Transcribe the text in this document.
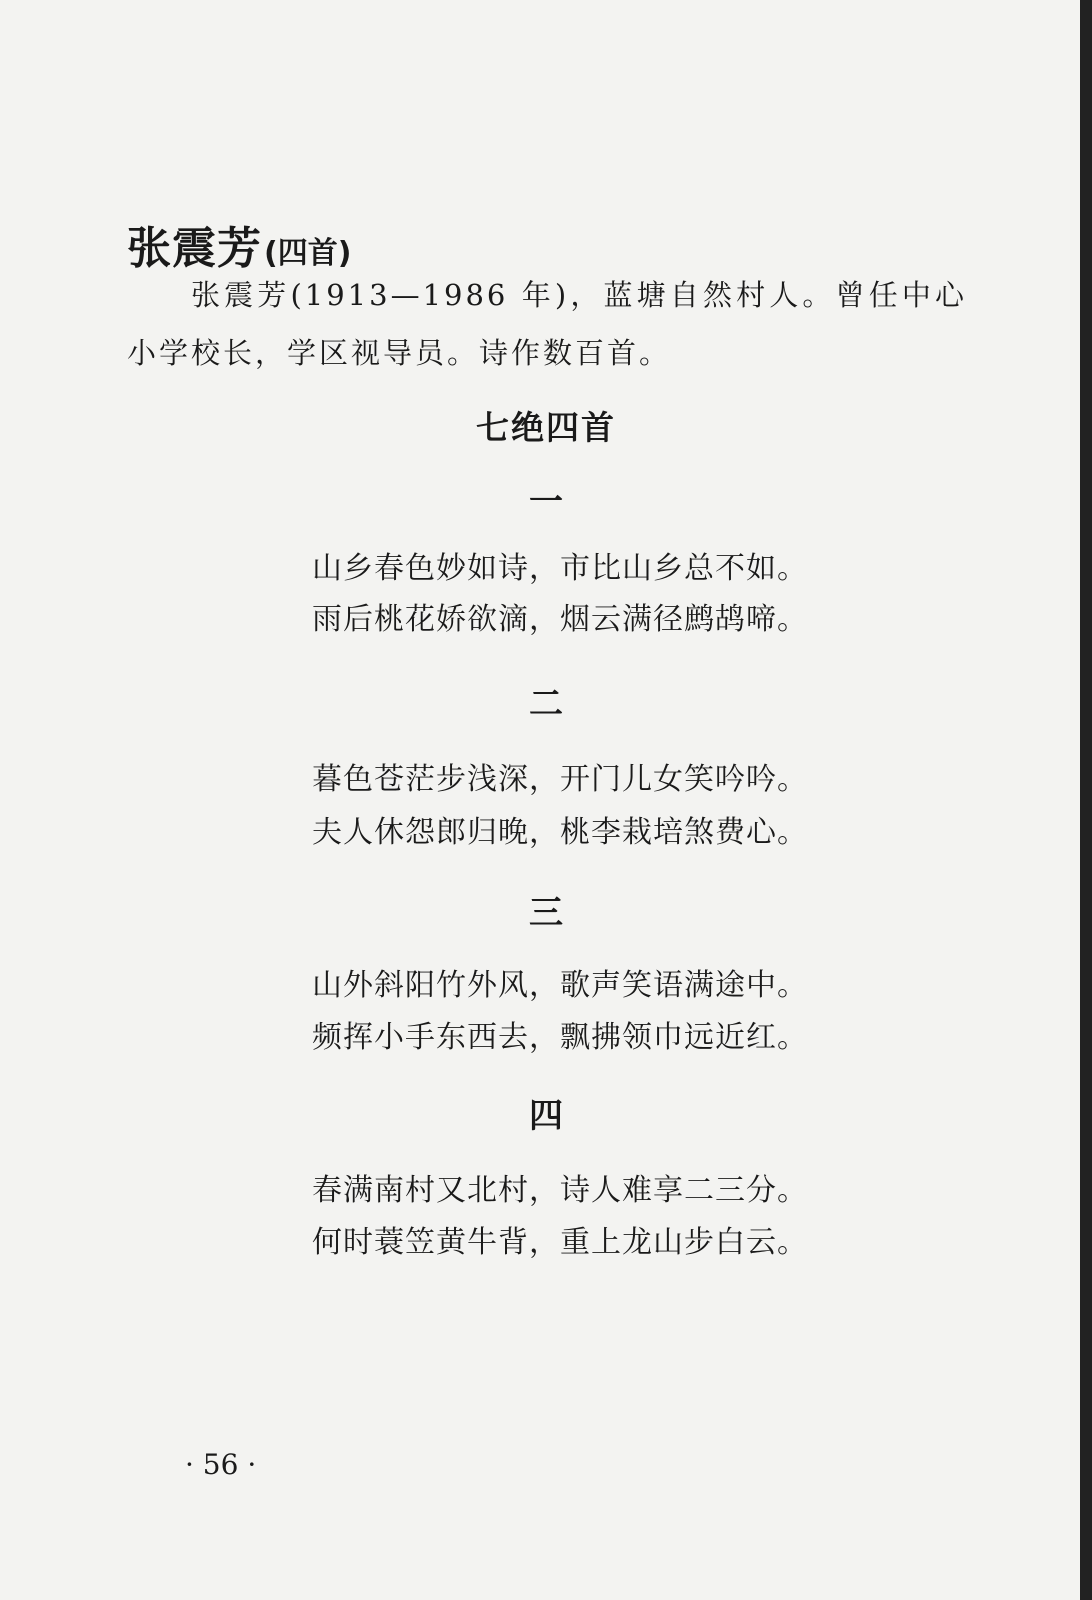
张震芳(四首)
张震芳(1913—1986 年)，蓝塘自然村人。曾任中心小学校长，学区视导员。诗作数百首。
七绝四首
一
山乡春色妙如诗，市比山乡总不如。
雨后桃花娇欲滴，烟云满径鹧鸪啼。
二
暮色苍茫步浅深，开门儿女笑吟吟。
夫人休怨郎归晚，桃李栽培煞费心。
三
山外斜阳竹外风，歌声笑语满途中。
频挥小手东西去，飘拂领巾远近红。
四
春满南村又北村，诗人难享二三分。
何时蓑笠黄牛背，重上龙山步白云。
· 56 ·
